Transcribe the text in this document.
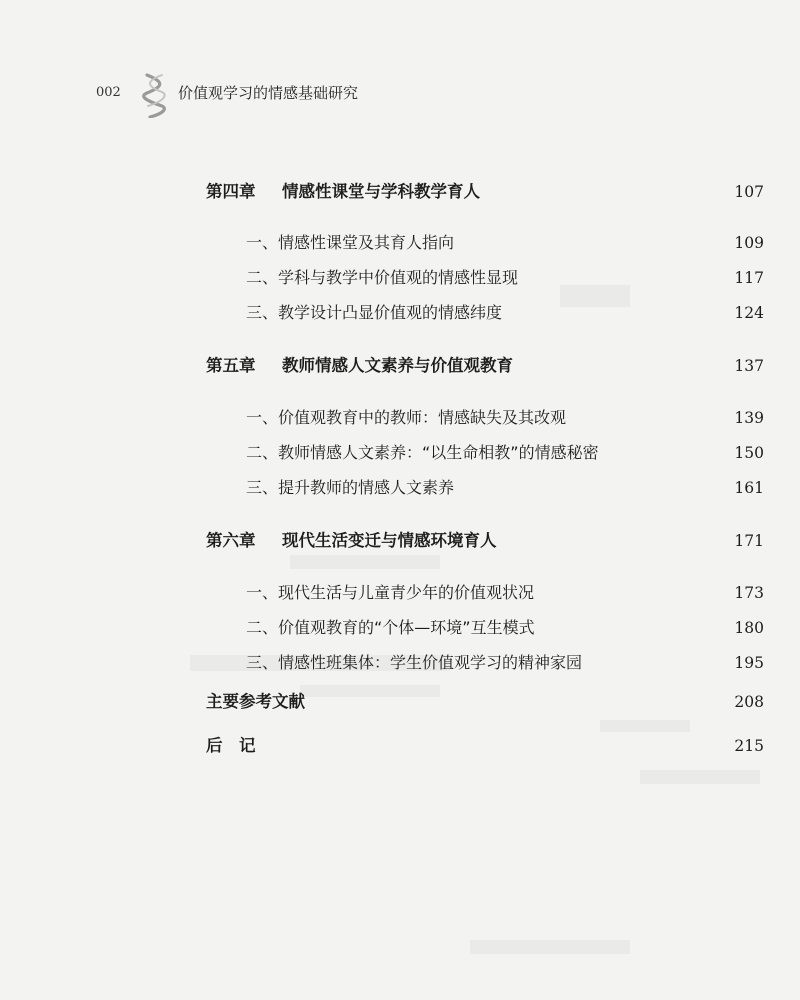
002	价值观学习的情感基础研究
第四章 情感性课堂与学科教学育人	107
一、情感性课堂及其育人指向	109
二、学科与教学中价值观的情感性显现	117
三、教学设计凸显价值观的情感纬度	124
第五章 教师情感人文素养与价值观教育	137
一、价值观教育中的教师：情感缺失及其改观	139
二、教师情感人文素养：“以生命相教”的情感秘密	150
三、提升教师的情感人文素养	161
第六章 现代生活变迁与情感环境育人	171
一、现代生活与儿童青少年的价值观状况	173
二、价值观教育的“个体—环境”互生模式	180
三、情感性班集体：学生价值观学习的精神家园	195
主要参考文献	208
后　记	215
